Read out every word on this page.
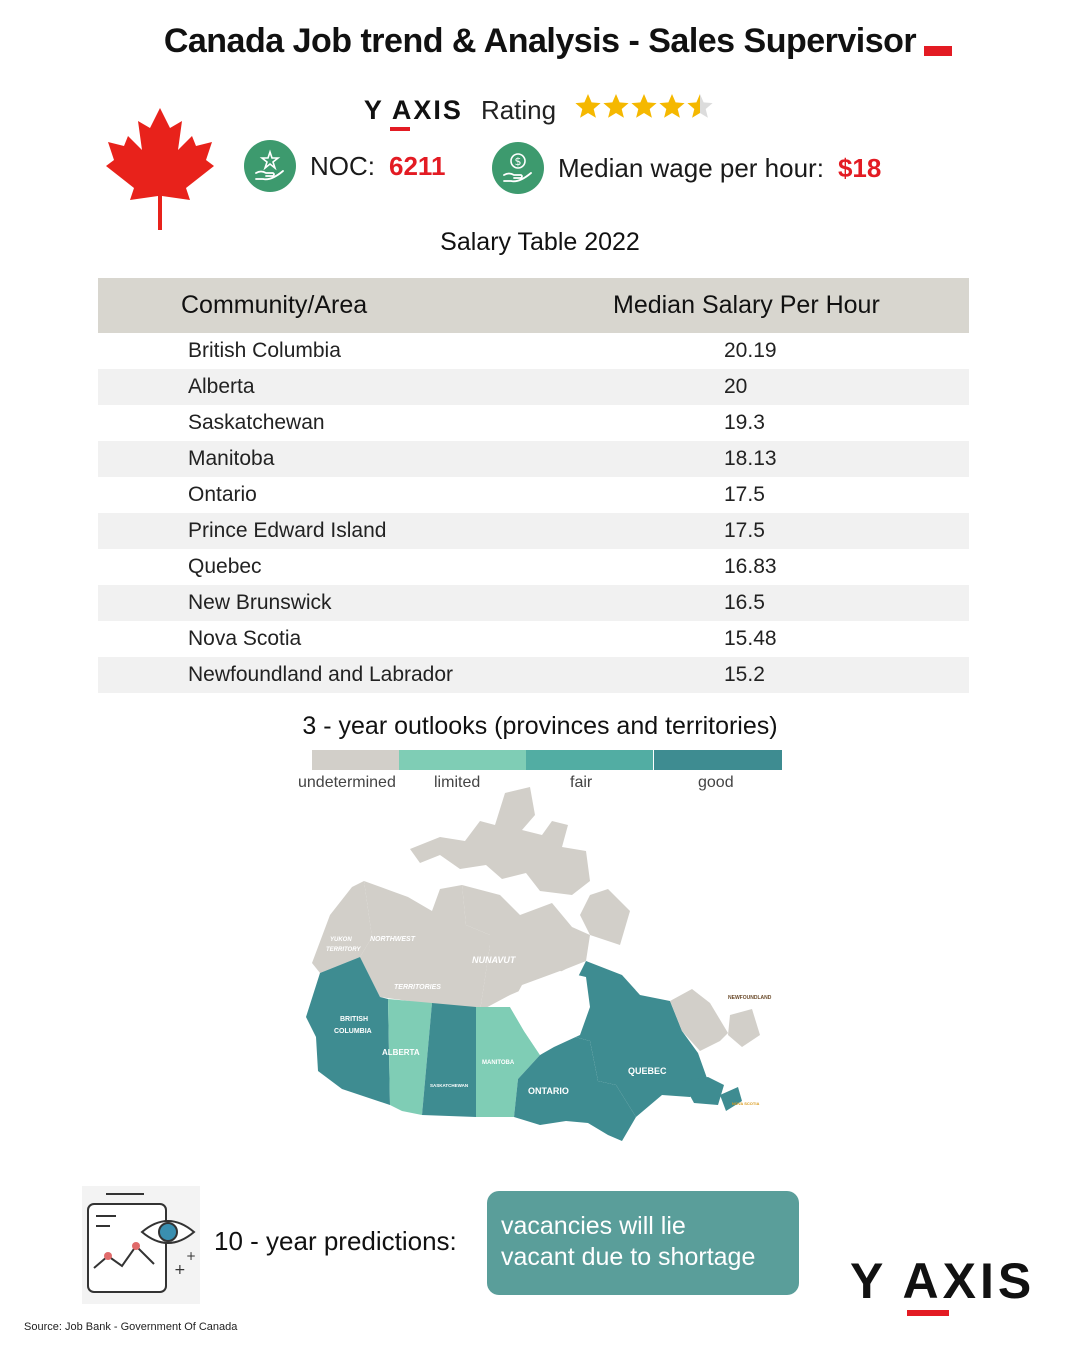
Canada Job trend & Analysis - Sales Supervisor
Y AXIS Rating
NOC: 6211	$ Median wage per hour: $18
Salary Table 2022
Community/Area	Median Salary Per Hour
British Columbia	20.19
Alberta	20
Saskatchewan	19.3
Manitoba	18.13
Ontario	17.5
Prince Edward Island	17.5
Quebec	16.83
New Brunswick	16.5
Nova Scotia	15.48
Newfoundland and Labrador	15.2
3 - year outlooks (provinces and territories)
undetermined limited	fair	good
YUKON
TERRITORY
NORTHWEST
TERRITORIES
NUNAVUT
BRITISH
COLUMBIA
ALBERTA
SASKATCHEWAN
MANITOBA
ONTARIO
QUEBEC
NEWFOUNDLAND
NOVA SCOTIA
+
+ 10 - year predictions: vacancies will lie
vacant due to shortage	Y AXIS
Source: Job Bank - Government Of Canada
